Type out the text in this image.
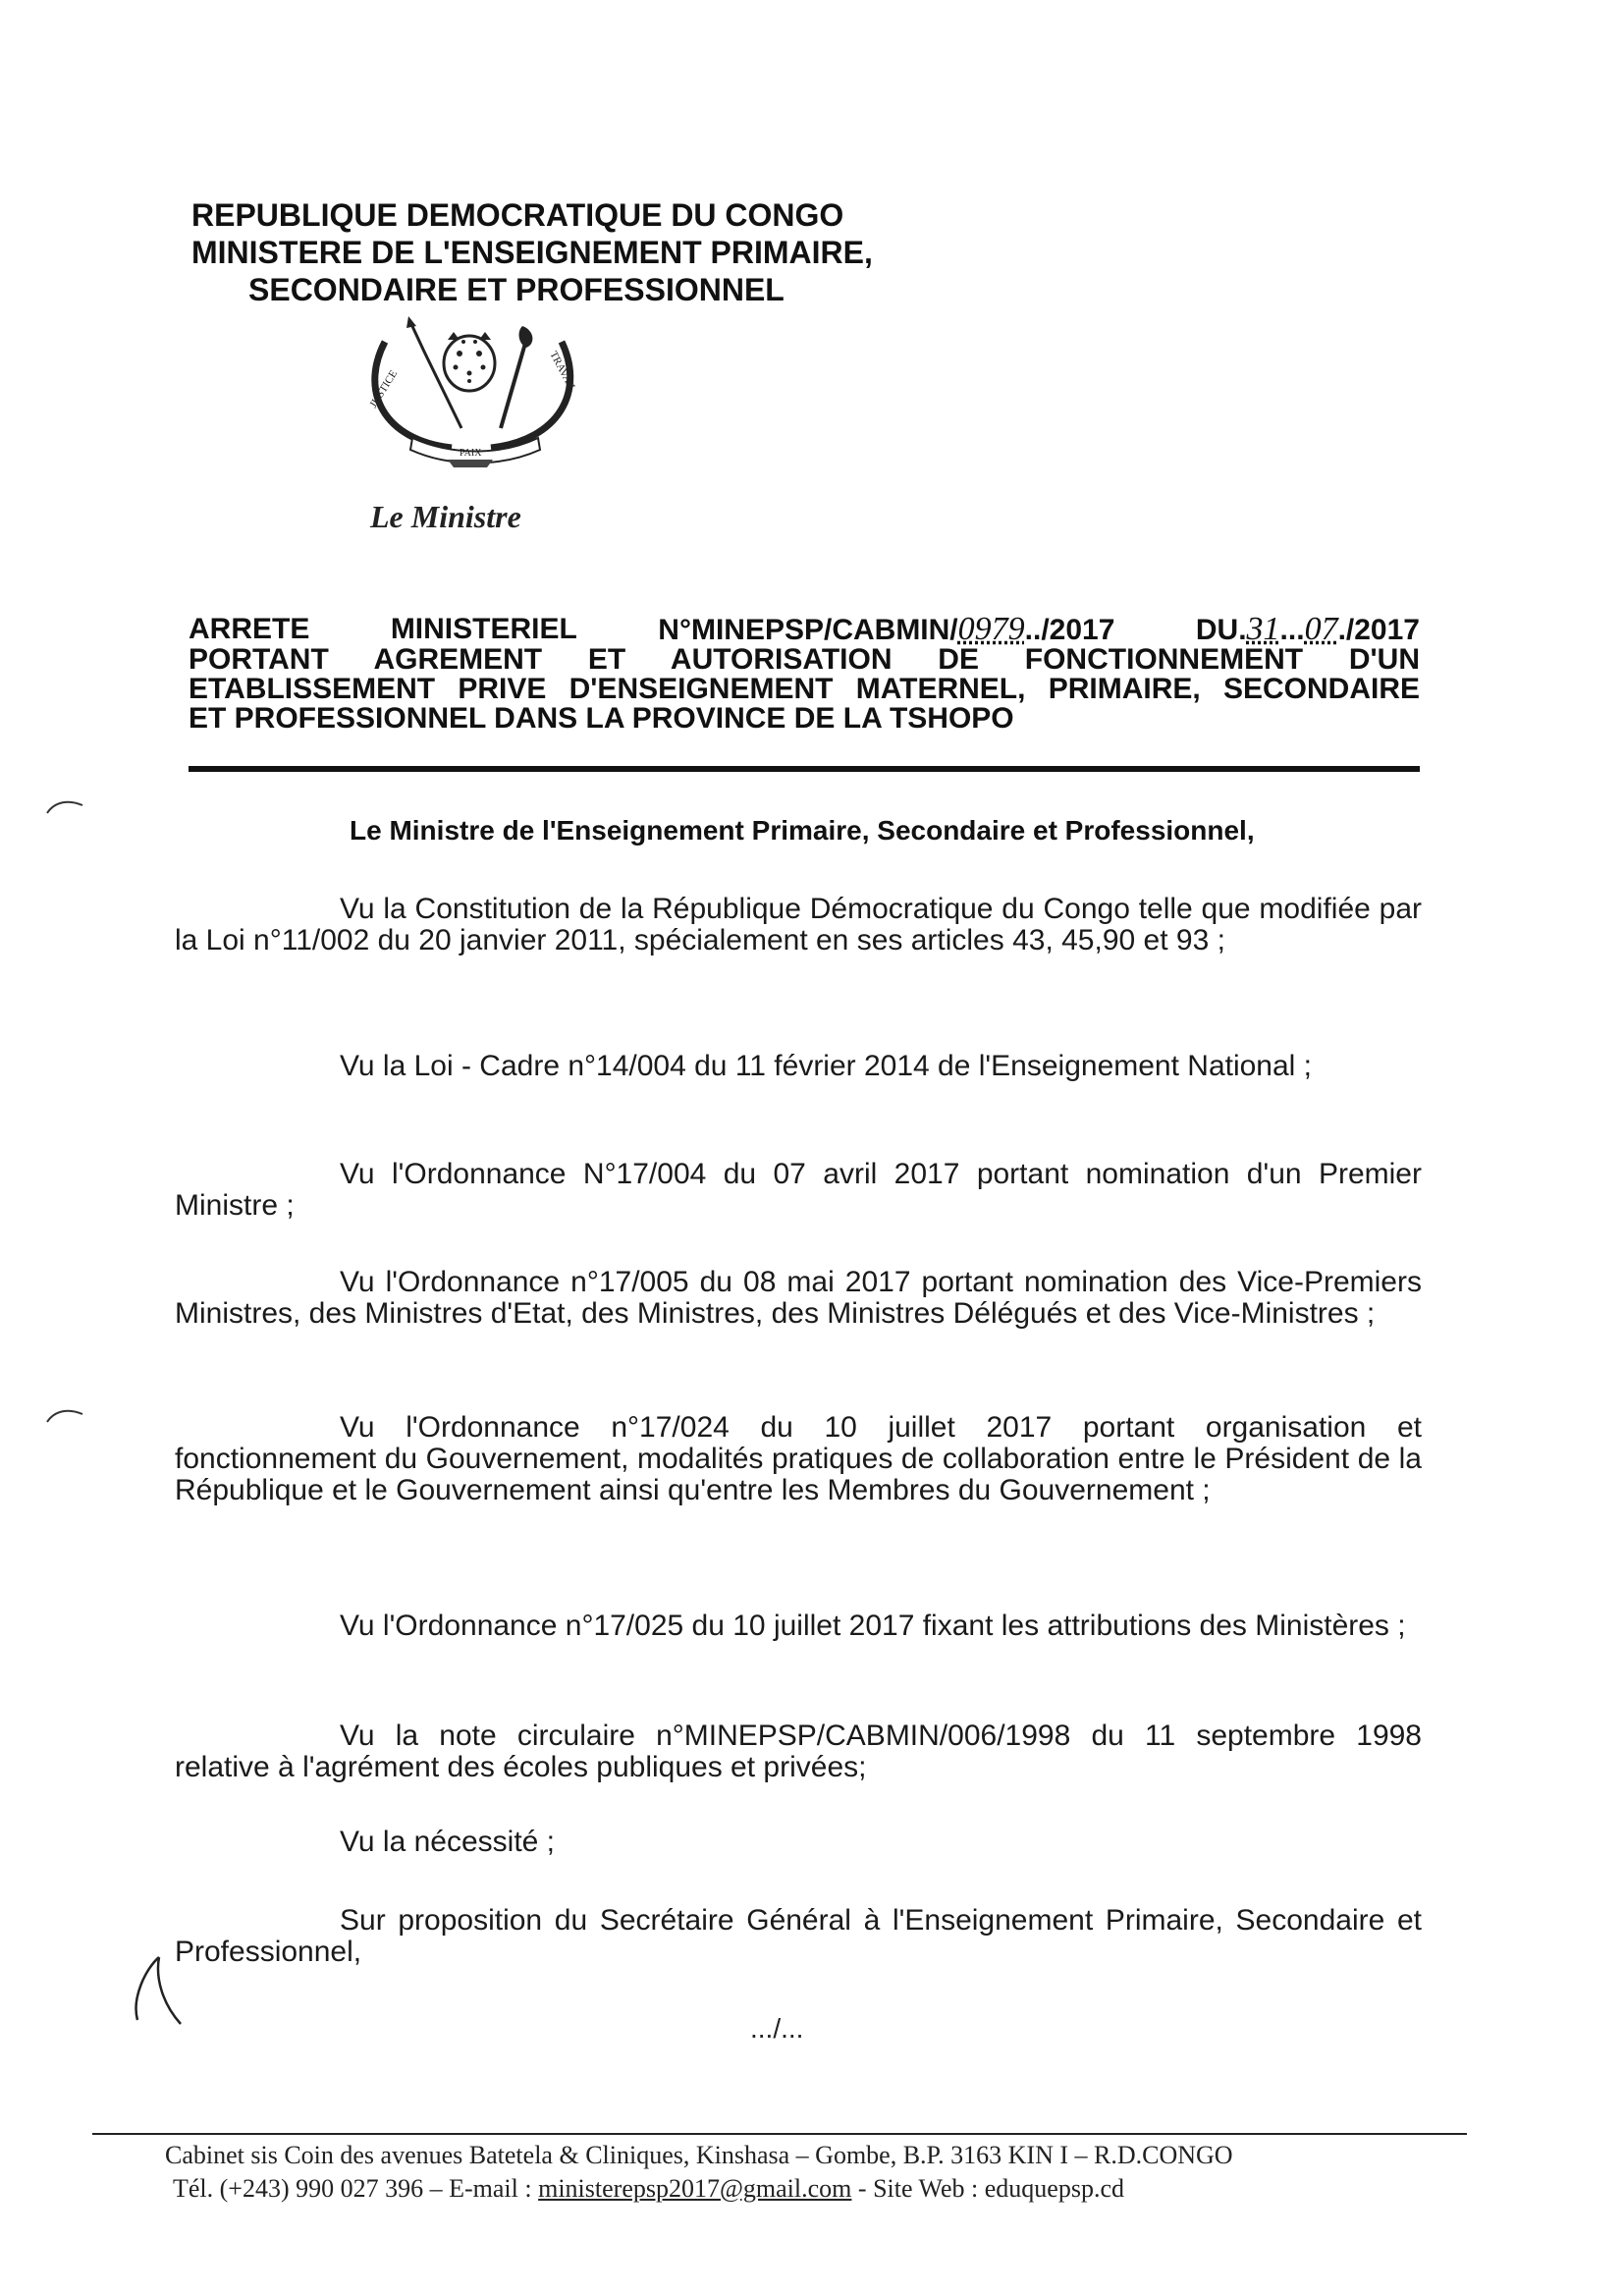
REPUBLIQUE DEMOCRATIQUE DU CONGO
MINISTERE DE L'ENSEIGNEMENT PRIMAIRE,
SECONDAIRE ET PROFESSIONNEL
JUSTICE
PAIX
TRAVAIL
Le Ministre
ARRETE	MINISTERIEL	N°MINEPSP/CABMIN/0979../2017	DU.31...07./2017
PORTANT AGREMENT ET AUTORISATION DE FONCTIONNEMENT D'UN
ETABLISSEMENT PRIVE D'ENSEIGNEMENT MATERNEL, PRIMAIRE, SECONDAIRE
ET PROFESSIONNEL DANS LA PROVINCE DE LA TSHOPO
Le Ministre de l'Enseignement Primaire, Secondaire et Professionnel,
Vu la Constitution de la République Démocratique du Congo telle que modifiée par la Loi n°11/002 du 20 janvier 2011, spécialement en ses articles 43, 45,90 et 93 ;
Vu la Loi - Cadre n°14/004 du 11 février 2014 de l'Enseignement National ;
Vu l'Ordonnance N°17/004 du 07 avril 2017 portant nomination d'un Premier Ministre ;
Vu l'Ordonnance n°17/005 du 08 mai 2017 portant nomination des Vice-Premiers Ministres, des Ministres d'Etat, des Ministres, des Ministres Délégués et des Vice-Ministres ;
Vu l'Ordonnance n°17/024 du 10 juillet 2017 portant organisation et fonctionnement du Gouvernement, modalités pratiques de collaboration entre le Président de la République et le Gouvernement ainsi qu'entre les Membres du Gouvernement ;
Vu l'Ordonnance n°17/025 du 10 juillet 2017 fixant les attributions des Ministères ;
Vu la note circulaire n°MINEPSP/CABMIN/006/1998 du 11 septembre 1998 relative à l'agrément des écoles publiques et privées;
Vu la nécessité ;
Sur proposition du Secrétaire Général à l'Enseignement Primaire, Secondaire et Professionnel,
.../...
Cabinet sis Coin des avenues Batetela & Cliniques, Kinshasa – Gombe, B.P. 3163 KIN I – R.D.CONGO
Tél. (+243) 990 027 396 – E-mail : ministerepsp2017@gmail.com - Site Web : eduquepsp.cd
